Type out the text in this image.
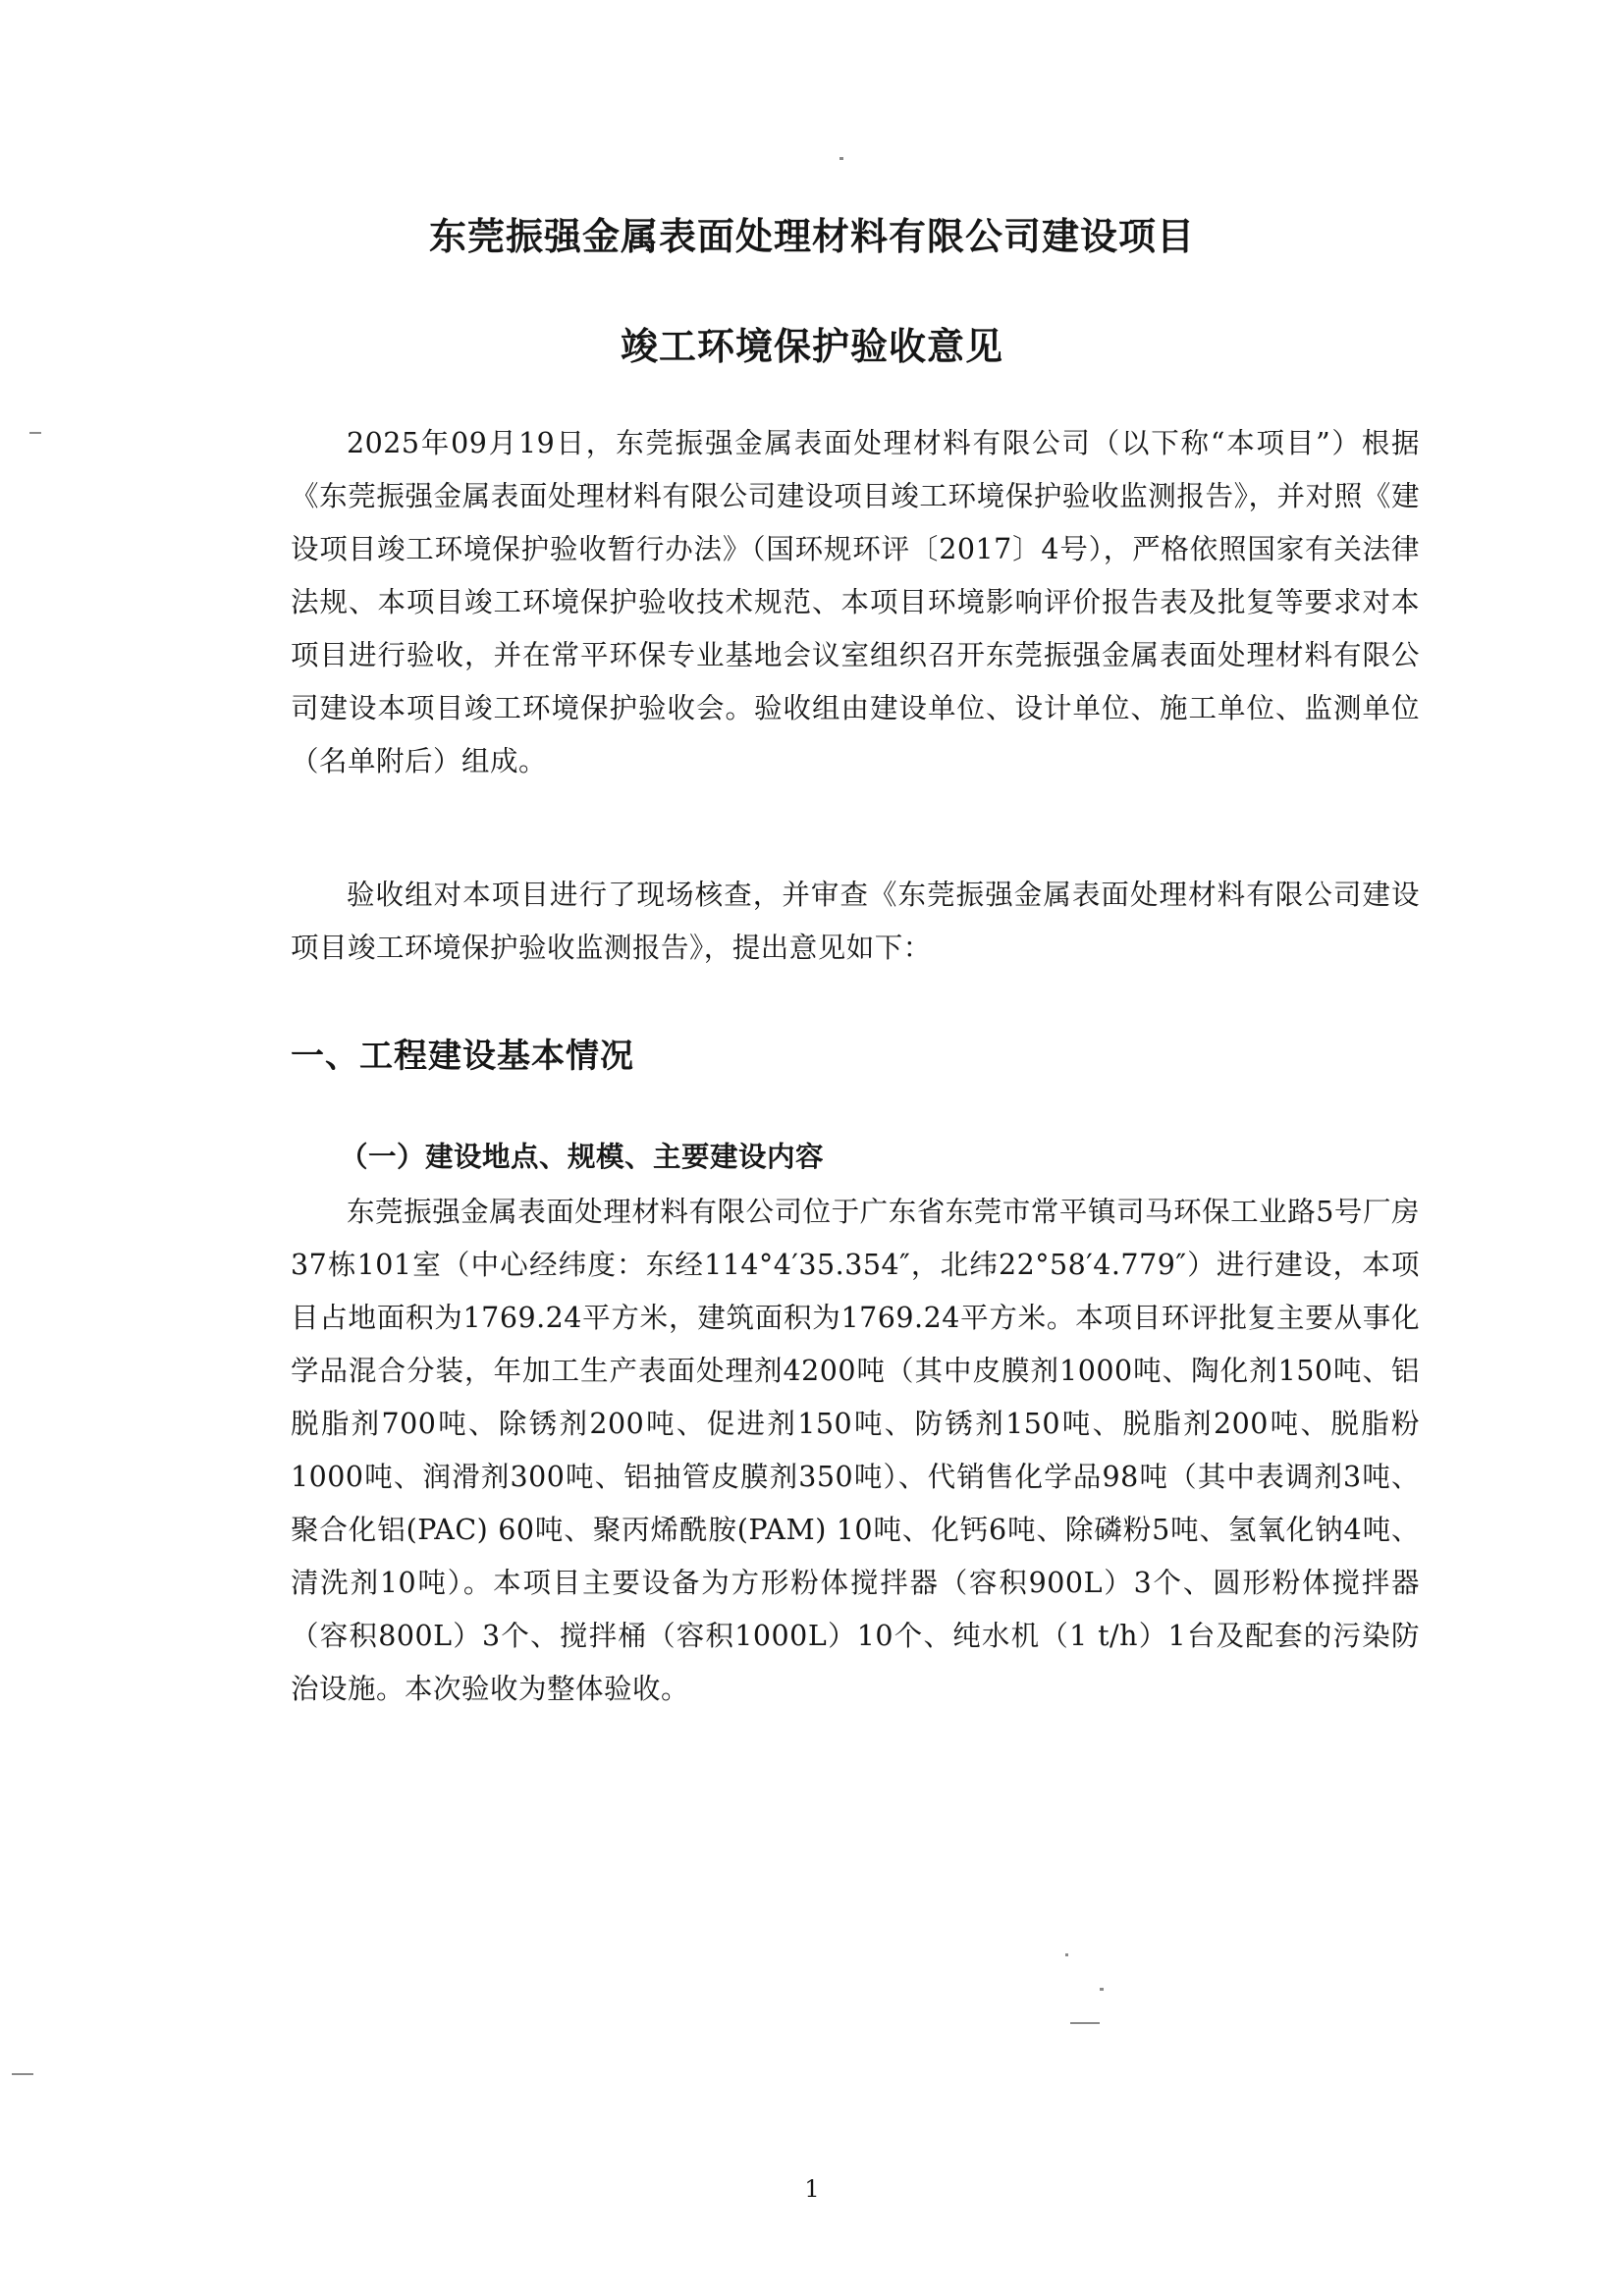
东莞振强金属表面处理材料有限公司建设项目
竣工环境保护验收意见

2025年09月19日，东莞振强金属表面处理材料有限公司（以下称“本项目”）根据《东莞振强金属表面处理材料有限公司建设项目竣工环境保护验收监测报告》，并对照《建设项目竣工环境保护验收暂行办法》（国环规环评〔2017〕4号），严格依照国家有关法律法规、本项目竣工环境保护验收技术规范、本项目环境影响评价报告表及批复等要求对本项目进行验收，并在常平环保专业基地会议室组织召开东莞振强金属表面处理材料有限公司建设本项目竣工环境保护验收会。验收组由建设单位、设计单位、施工单位、监测单位（名单附后）组成。

验收组对本项目进行了现场核查，并审查《东莞振强金属表面处理材料有限公司建设项目竣工环境保护验收监测报告》，提出意见如下：

一、工程建设基本情况
（一）建设地点、规模、主要建设内容

东莞振强金属表面处理材料有限公司位于广东省东莞市常平镇司马环保工业路5号厂房37栋101室（中心经纬度：东经114°4′35.354″，北纬22°58′4.779″）进行建设，本项目占地面积为1769.24平方米，建筑面积为1769.24平方米。本项目环评批复主要从事化学品混合分装，年加工生产表面处理剂4200吨（其中皮膜剂1000吨、陶化剂150吨、铝脱脂剂700吨、除锈剂200吨、促进剂150吨、防锈剂150吨、脱脂剂200吨、脱脂粉1000吨、润滑剂300吨、铝抽管皮膜剂350吨）、代销售化学品98吨（其中表调剂3吨、聚合化铝(PAC) 60吨、聚丙烯酰胺(PAM) 10吨、化钙6吨、除磷粉5吨、氢氧化钠4吨、清洗剂10吨）。本项目主要设备为方形粉体搅拌器（容积900L）3个、圆形粉体搅拌器（容积800L）3个、搅拌桶（容积1000L）10个、纯水机（1 t/h）1台及配套的污染防治设施。本次验收为整体验收。

1
